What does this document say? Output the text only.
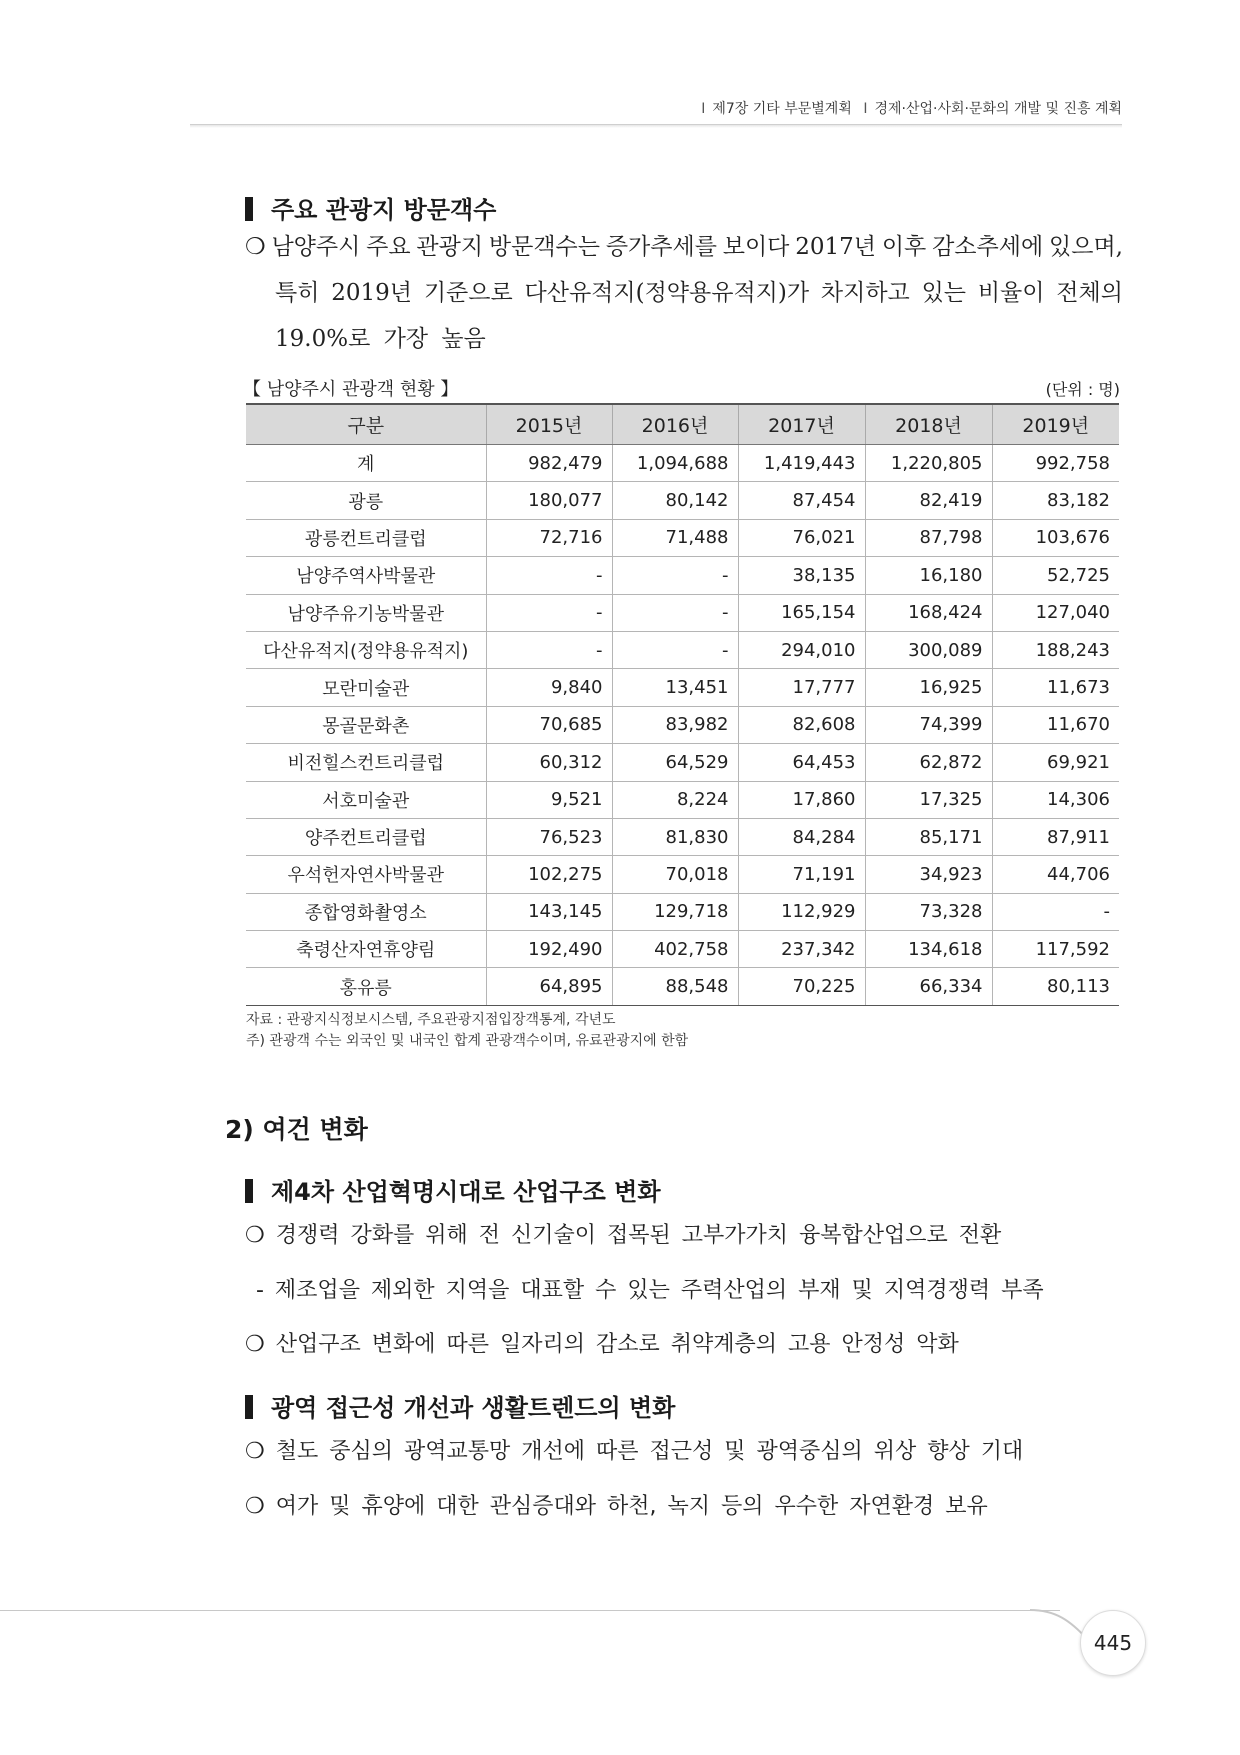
Ⅰ 제7장 기타 부문별계획 Ⅰ 경제·산업·사회·문화의 개발 및 진흥 계획
주요 관광지 방문객수
❍ 남양주시 주요 관광지 방문객수는 증가추세를 보이다 2017년 이후 감소추세에 있으며,
특히 2019년 기준으로 다산유적지(정약용유적지)가 차지하고 있는 비율이 전체의
19.0%로 가장 높음
【 남양주시 관광객 현황 】	(단위 : 명)
구분	2015년	2016년	2017년	2018년	2019년
계	982,479	1,094,688	1,419,443	1,220,805	992,758
광릉	180,077	80,142	87,454	82,419	83,182
광릉컨트리클럽	72,716	71,488	76,021	87,798	103,676
남양주역사박물관	-	-	38,135	16,180	52,725
남양주유기농박물관	-	-	165,154	168,424	127,040
다산유적지(정약용유적지)	-	-	294,010	300,089	188,243
모란미술관	9,840	13,451	17,777	16,925	11,673
몽골문화촌	70,685	83,982	82,608	74,399	11,670
비전힐스컨트리클럽	60,312	64,529	64,453	62,872	69,921
서호미술관	9,521	8,224	17,860	17,325	14,306
양주컨트리클럽	76,523	81,830	84,284	85,171	87,911
우석헌자연사박물관	102,275	70,018	71,191	34,923	44,706
종합영화촬영소	143,145	129,718	112,929	73,328	-
축령산자연휴양림	192,490	402,758	237,342	134,618	117,592
홍유릉	64,895	88,548	70,225	66,334	80,113
자료 : 관광지식정보시스템, 주요관광지점입장객통계, 각년도
주) 관광객 수는 외국인 및 내국인 합계 관광객수이며, 유료관광지에 한함
2) 여건 변화
제4차 산업혁명시대로 산업구조 변화
❍ 경쟁력 강화를 위해 전 신기술이 접목된 고부가가치 융복합산업으로 전환
- 제조업을 제외한 지역을 대표할 수 있는 주력산업의 부재 및 지역경쟁력 부족
❍ 산업구조 변화에 따른 일자리의 감소로 취약계층의 고용 안정성 악화
광역 접근성 개선과 생활트렌드의 변화
❍ 철도 중심의 광역교통망 개선에 따른 접근성 및 광역중심의 위상 향상 기대
❍ 여가 및 휴양에 대한 관심증대와 하천, 녹지 등의 우수한 자연환경 보유
445
